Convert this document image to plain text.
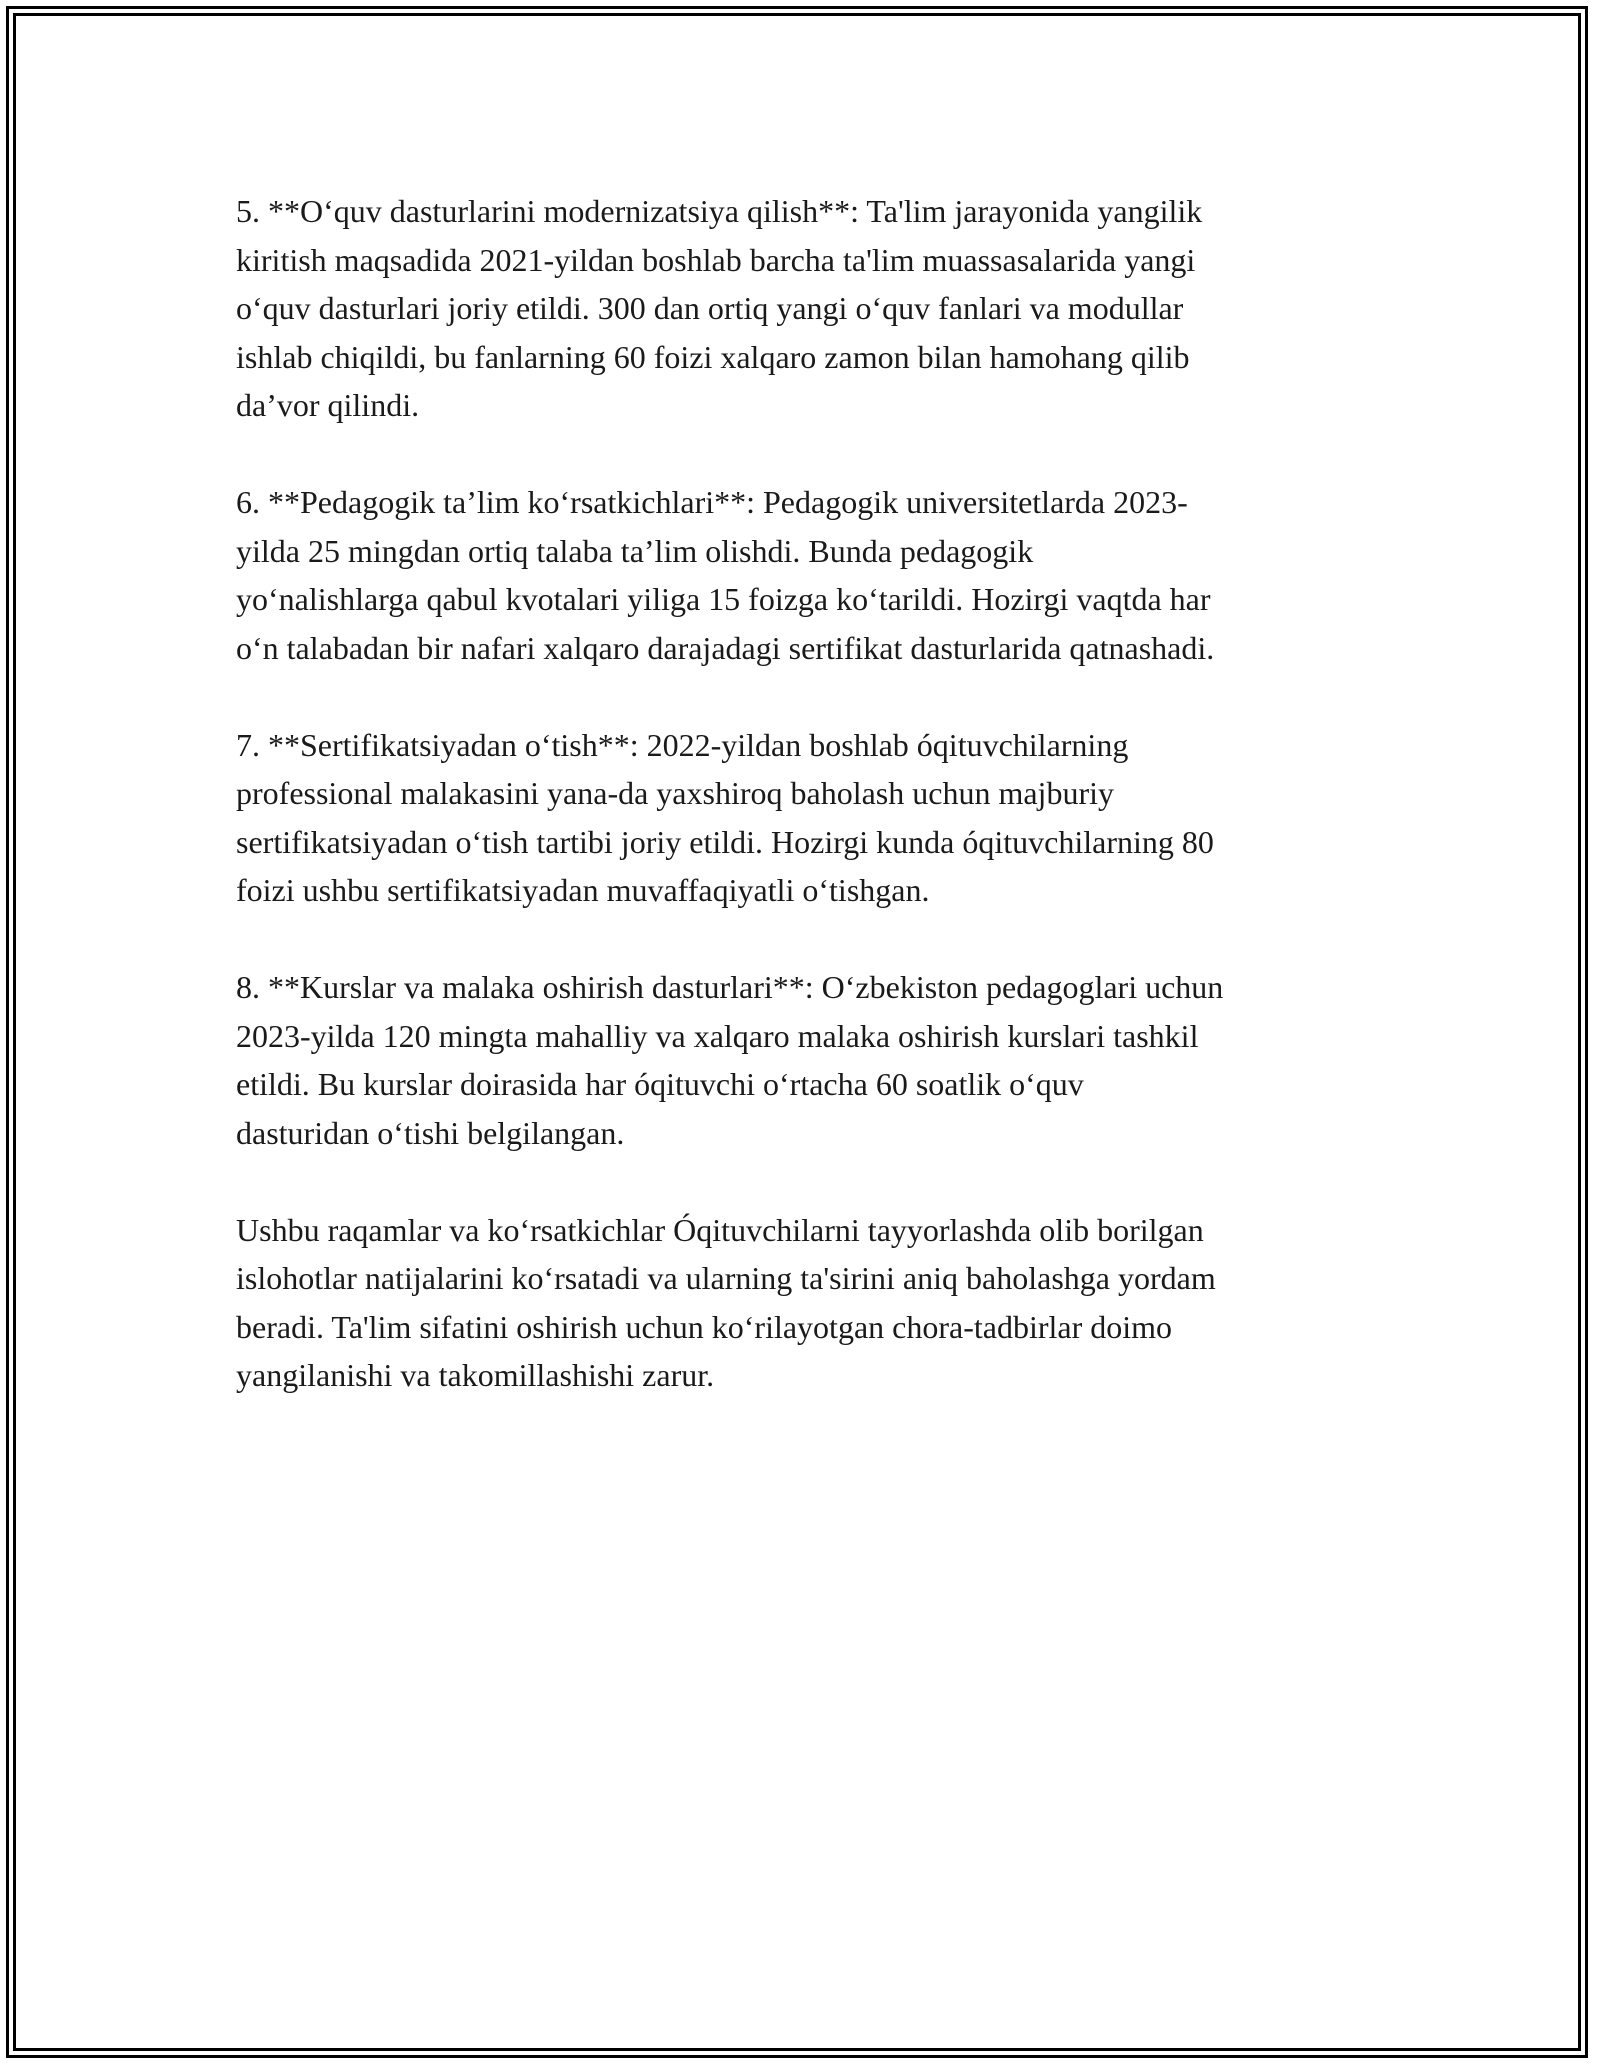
5. **O‘quv dasturlarini modernizatsiya qilish**: Ta'lim jarayonida yangilik
kiritish maqsadida 2021-yildan boshlab barcha ta'lim muassasalarida yangi
o‘quv dasturlari joriy etildi. 300 dan ortiq yangi o‘quv fanlari va modullar
ishlab chiqildi, bu fanlarning 60 foizi xalqaro zamon bilan hamohang qilib
da’vor qilindi.

6. **Pedagogik ta’lim ko‘rsatkichlari**: Pedagogik universitetlarda 2023-
yilda 25 mingdan ortiq talaba ta’lim olishdi. Bunda pedagogik
yo‘nalishlarga qabul kvotalari yiliga 15 foizga ko‘tarildi. Hozirgi vaqtda har
o‘n talabadan bir nafari xalqaro darajadagi sertifikat dasturlarida qatnashadi.

7. **Sertifikatsiyadan o‘tish**: 2022-yildan boshlab óqituvchilarning
professional malakasini yana-da yaxshiroq baholash uchun majburiy
sertifikatsiyadan o‘tish tartibi joriy etildi. Hozirgi kunda óqituvchilarning 80
foizi ushbu sertifikatsiyadan muvaffaqiyatli o‘tishgan.

8. **Kurslar va malaka oshirish dasturlari**: O‘zbekiston pedagoglari uchun
2023-yilda 120 mingta mahalliy va xalqaro malaka oshirish kurslari tashkil
etildi. Bu kurslar doirasida har óqituvchi o‘rtacha 60 soatlik o‘quv
dasturidan o‘tishi belgilangan.

Ushbu raqamlar va ko‘rsatkichlar Óqituvchilarni tayyorlashda olib borilgan
islohotlar natijalarini ko‘rsatadi va ularning ta'sirini aniq baholashga yordam
beradi. Ta'lim sifatini oshirish uchun ko‘rilayotgan chora-tadbirlar doimo
yangilanishi va takomillashishi zarur.
